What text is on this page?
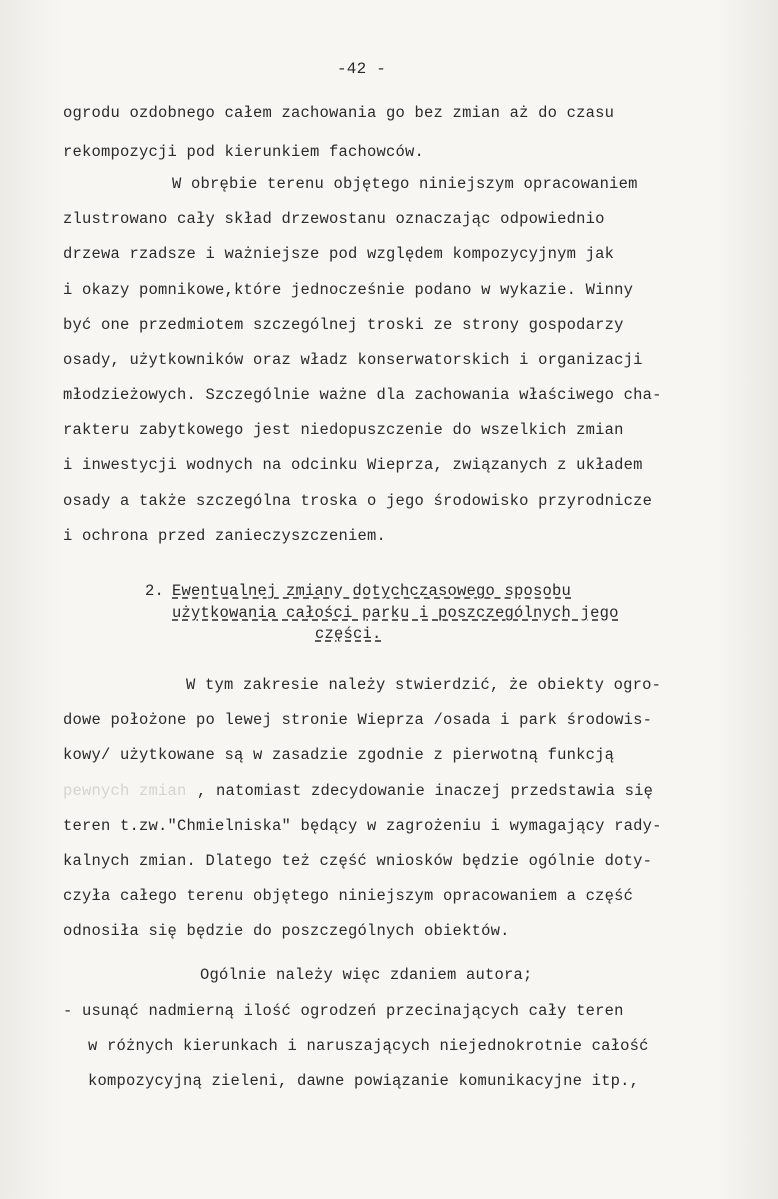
-42 -
ogrodu ozdobnego całem zachowania go bez zmian aż do czasu
rekompozycji pod kierunkiem fachowców.
W obrębie terenu objętego niniejszym opracowaniem
zlustrowano cały skład drzewostanu oznaczając odpowiednio
drzewa rzadsze i ważniejsze pod względem kompozycyjnym jak
i okazy pomnikowe,które jednocześnie podano w wykazie. Winny
być one przedmiotem szczególnej troski ze strony gospodarzy
osady, użytkowników oraz władz konserwatorskich i organizacji
młodzieżowych. Szczególnie ważne dla zachowania właściwego cha-
rakteru zabytkowego jest niedopuszczenie do wszelkich zmian
i inwestycji wodnych na odcinku Wieprza, związanych z układem
osady a także szczególna troska o jego środowisko przyrodnicze
i ochrona przed zanieczyszczeniem.
2. Ewentualnej zmiany dotychczasowego sposobu
użytkowania całości parku i poszczególnych jego
części.
W tym zakresie należy stwierdzić, że obiekty ogro-
dowe położone po lewej stronie Wieprza /osada i park środowis-
kowy/ użytkowane są w zasadzie zgodnie z pierwotną funkcją
pewnych zmian , natomiast zdecydowanie inaczej przedstawia się
teren t.zw."Chmielniska" będący w zagrożeniu i wymagający rady-
kalnych zmian. Dlatego też część wniosków będzie ogólnie doty-
czyła całego terenu objętego niniejszym opracowaniem a część
odnosiła się będzie do poszczególnych obiektów.
Ogólnie należy więc zdaniem autora;
- usunąć nadmierną ilość ogrodzeń przecinających cały teren
w różnych kierunkach i naruszających niejednokrotnie całość
kompozycyjną zieleni, dawne powiązanie komunikacyjne itp.,
